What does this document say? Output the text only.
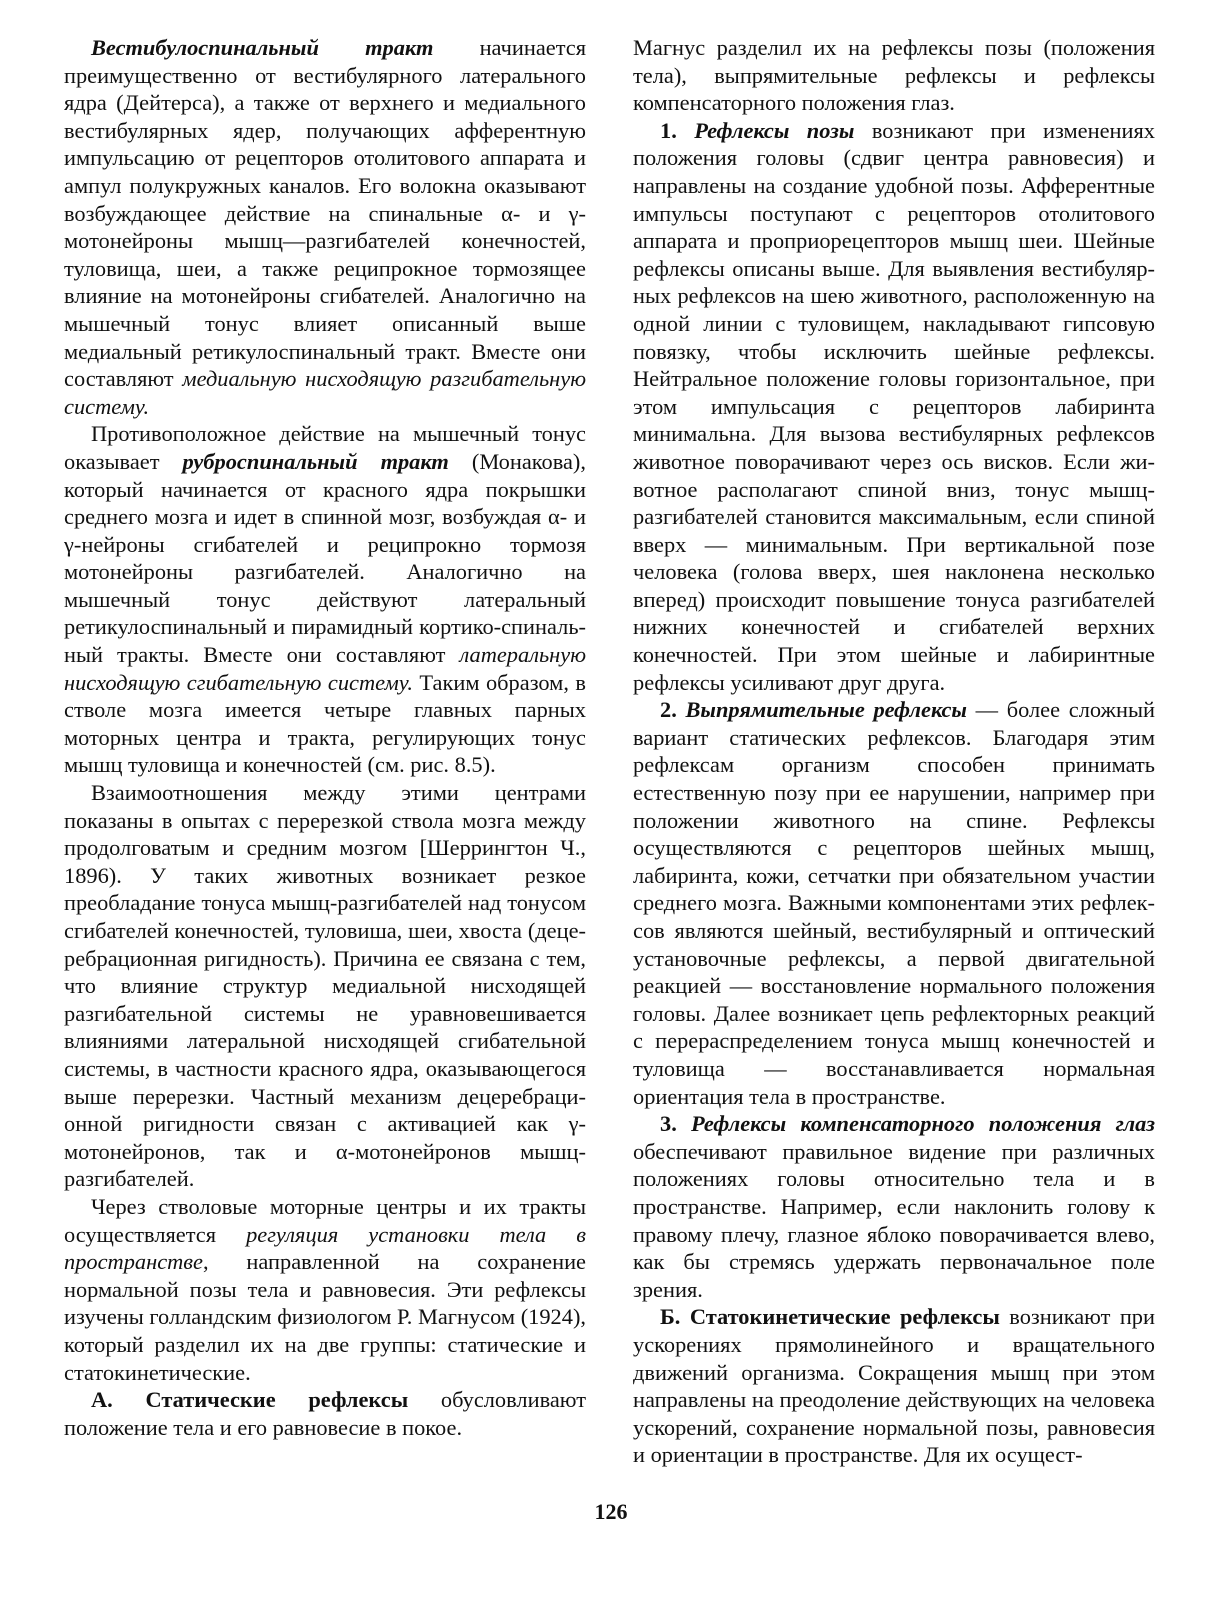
Вестибулоспинальный тракт начинается преимущественно от вестибулярного латерального ядра (Дейтерса), а также от верхнего и медиального вестибулярных ядер, получающих афферентную импульсацию от рецепторов отолитового аппарата и ампул полукружных каналов. Его волокна оказывают возбуждающее действие на спинальные α- и γ-мотонейроны мышц—разгибателей конечностей, туловища, шеи, а также реципрокное тормозящее влияние на мотонейроны сгибателей. Аналогично на мышечный тонус влияет описанный выше медиальный ретикулоспинальный тракт. Вместе они составляют медиальную нисходящую разгибательную систему.

Противоположное действие на мышечный тонус оказывает руброспинальный тракт (Монакова), который начинается от красного ядра покрышки среднего мозга и идет в спинной мозг, возбуждая α- и γ-нейроны сгибателей и реципрокно тормозя мотонейроны разгибателей. Аналогично на мышечный тонус действуют латеральный ретикулоспинальный и пирамидный кортико-спинальный тракты. Вместе они составляют латеральную нисходящую сгибательную систему. Таким образом, в стволе мозга имеется четыре главных парных моторных центра и тракта, регулирующих тонус мышц туловища и конечностей (см. рис. 8.5).

Взаимоотношения между этими центрами показаны в опытах с перерезкой ствола мозга между продолговатым и средним мозгом [Шеррингтон Ч., 1896). У таких животных возникает резкое преобладание тонуса мышц-разгибателей над тонусом сгибателей конечностей, туловиша, шеи, хвоста (децеребрационная ригидность). Причина ее связана с тем, что влияние структур медиальной нисходящей разгибательной системы не уравновешивается влияниями латеральной нисходящей сгибательной системы, в частности красного ядра, оказывающегося выше перерезки. Частный механизм децеребрационной ригидности связан с активацией как γ-мотонейронов, так и α-мотонейронов мышц-разгибателей.

Через стволовые моторные центры и их тракты осуществляется регуляция установки тела в пространстве, направленной на сохранение нормальной позы тела и равновесия. Эти рефлексы изучены голландским физиологом Р. Магнусом (1924), который разделил их на две группы: статические и статокинетические.

А. Статические рефлексы обусловливают положение тела и его равновесие в покое.

Магнус разделил их на рефлексы позы (положения тела), выпрямительные рефлексы и рефлексы компенсаторного положения глаз.

1. Рефлексы позы возникают при изменениях положения головы (сдвиг центра равновесия) и направлены на создание удобной позы. Афферентные импульсы поступают с рецепторов отолитового аппарата и проприорецепторов мышц шеи. Шейные рефлексы описаны выше. Для выявления вестибулярных рефлексов на шею животного, расположенную на одной линии с туловищем, накладывают гипсовую повязку, чтобы исключить шейные рефлексы. Нейтральное положение головы горизонтальное, при этом импульсация с рецепторов лабиринта минимальна. Для вызова вестибулярных рефлексов животное поворачивают через ось висков. Если животное располагают спиной вниз, тонус мышц-разгибателей становится максимальным, если спиной вверх — минимальным. При вертикальной позе человека (голова вверх, шея наклонена несколько вперед) происходит повышение тонуса разгибателей нижних конечностей и сгибателей верхних конечностей. При этом шейные и лабиринтные рефлексы усиливают друг друга.

2. Выпрямительные рефлексы — более сложный вариант статических рефлексов. Благодаря этим рефлексам организм способен принимать естественную позу при ее нарушении, например при положении животного на спине. Рефлексы осуществляются с рецепторов шейных мышц, лабиринта, кожи, сетчатки при обязательном участии среднего мозга. Важными компонентами этих рефлексов являются шейный, вестибулярный и оптический установочные рефлексы, а первой двигательной реакцией — восстановление нормального положения головы. Далее возникает цепь рефлекторных реакций с перераспределением тонуса мышц конечностей и туловища — восстанавливается нормальная ориентация тела в пространстве.

3. Рефлексы компенсаторного положения глаз обеспечивают правильное видение при различных положениях головы относительно тела и в пространстве. Например, если наклонить голову к правому плечу, глазное яблоко поворачивается влево, как бы стремясь удержать первоначальное поле зрения.

Б. Статокинетические рефлексы возникают при ускорениях прямолинейного и вращательного движений организма. Сокращения мышц при этом направлены на преодоление действующих на человека ускорений, сохранение нормальной позы, равновесия и ориентации в пространстве. Для их осущест-

126
